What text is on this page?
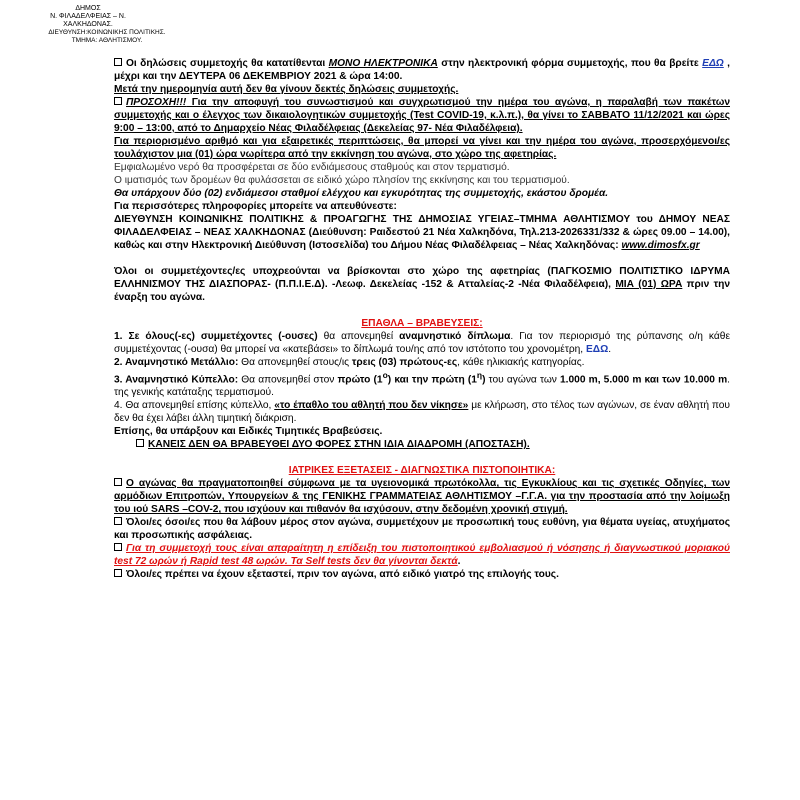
ΔΗΜΟΣ
Ν. ΦΙΛΑΔΕΛΦΕΙΑΣ – Ν. ΧΑΛΚΗΔΟΝΑΣ.
ΔΙΕΥΘΥΝΣΗ:ΚΟΙΝΩΝΙΚΗΣ ΠΟΛΙΤΙΚΗΣ.
ΤΜΗΜΑ: ΑΘΛΗΤΙΣΜΟΥ.

Οι δηλώσεις συμμετοχής θα κατατίθενται ΜΟΝΟ ΗΛΕΚΤΡΟΝΙΚΑ στην ηλεκτρονική φόρμα συμμετοχής, που θα βρείτε ΕΔΩ , μέχρι και την ΔΕΥΤΕΡΑ 06 ΔΕΚΕΜΒΡΙΟΥ 2021 & ώρα 14:00.

Μετά την ημερομηνία αυτή δεν θα γίνουν δεκτές δηλώσεις συμμετοχής.

ΠΡΟΣΟΧΗ!!! Για την αποφυγή του συνωστισμού και συγχρωτισμού την ημέρα του αγώνα, η παραλαβή των πακέτων συμμετοχής και ο έλεγχος των δικαιολογητικών συμμετοχής (Test COVID-19, κ.λ.π.), θα γίνει το ΣΑΒΒΑΤΟ 11/12/2021 και ώρες 9:00 – 13:00, από το Δημαρχείο Νέας Φιλαδέλφειας (Δεκελείας 97- Νέα Φιλαδέλφεια).

Για περιορισμένο αριθμό και για εξαιρετικές περιπτώσεις, θα μπορεί να γίνει και την ημέρα του αγώνα, προσερχόμενοι/ες τουλάχιστον μια (01) ώρα νωρίτερα από την εκκίνηση του αγώνα, στο χώρο της αφετηρίας.

Εμφιαλωμένο νερό θα προσφέρεται σε δύο ενδιάμεσους σταθμούς και στον τερματισμό.

Ο ιματισμός των δρομέων θα φυλάσσεται σε ειδικό χώρο πλησίον της εκκίνησης και του τερματισμού.

Θα υπάρχουν δύο (02) ενδιάμεσοι σταθμοί ελέγχου και εγκυρότητας της συμμετοχής, εκάστου δρομέα.

Για περισσότερες πληροφορίες μπορείτε να απευθύνεστε:

ΔΙΕΥΘΥΝΣΗ ΚΟΙΝΩΝΙΚΗΣ ΠΟΛΙΤΙΚΗΣ & ΠΡΟΑΓΩΓΗΣ ΤΗΣ ΔΗΜΟΣΙΑΣ ΥΓΕΙΑΣ–ΤΜΗΜΑ ΑΘΛΗΤΙΣΜΟΥ του ΔΗΜΟΥ ΝΕΑΣ ΦΙΛΑΔΕΛΦΕΙΑΣ – ΝΕΑΣ ΧΑΛΚΗΔΟΝΑΣ (Διεύθυνση: Ραιδεστού 21 Νέα Χαλκηδόνα, Τηλ.213-2026331/332 & ώρες 09.00 – 14.00), καθώς και στην Ηλεκτρονική Διεύθυνση (Ιστοσελίδα) του Δήμου Νέας Φιλαδέλφειας – Νέας Χαλκηδόνας: www.dimosfx.gr

Όλοι οι συμμετέχοντες/ες υποχρεούνται να βρίσκονται στο χώρο της αφετηρίας (ΠΑΓΚΟΣΜΙΟ ΠΟΛΙΤΙΣΤΙΚΟ ΙΔΡΥΜΑ ΕΛΛΗΝΙΣΜΟΥ ΤΗΣ ΔΙΑΣΠΟΡΑΣ- (Π.Π.Ι.Ε.Δ). -Λεωφ. Δεκελείας -152 & Ατταλείας-2 -Νέα Φιλαδέλφεια), ΜΙΑ (01) ΩΡΑ πριν την έναρξη του αγώνα.

ΕΠΑΘΛΑ – ΒΡΑΒΕΥΣΕΙΣ:

1. Σε όλους(-ες) συμμετέχοντες (-ουσες) θα απονεμηθεί αναμνηστικό δίπλωμα. Για τον περιορισμό της ρύπανσης ο/η κάθε συμμετέχοντας (-ουσα) θα μπορεί να «κατεβάσει» το δίπλωμά του/ης από τον ιστότοπο του χρονομέτρη, ΕΔΩ.

2. Αναμνηστικό Μετάλλιο: Θα απονεμηθεί στους/ις τρεις (03) πρώτους-ες, κάθε ηλικιακής κατηγορίας.

3. Αναμνηστικό Κύπελλο: Θα απονεμηθεί στον πρώτο $(1^o)$ και την πρώτη $(1^\eta)$ του αγώνα των 1.000 m, 5.000 m και των 10.000 m. της γενικής κατάταξης τερματισμού.

4. Θα απονεμηθεί επίσης κύπελλο, «το έπαθλο του αθλητή που δεν νίκησε» με κλήρωση, στο τέλος των αγώνων, σε έναν αθλητή που δεν θα έχει λάβει άλλη τιμητική διάκριση.

Επίσης, θα υπάρξουν και Ειδικές Τιμητικές Βραβεύσεις.

ΚΑΝΕΙΣ ΔΕΝ ΘΑ ΒΡΑΒΕΥΘΕΙ ΔΥΟ ΦΟΡΕΣ ΣΤΗΝ ΙΔΙΑ ΔΙΑΔΡΟΜΗ (ΑΠΟΣΤΑΣΗ).

ΙΑΤΡΙΚΕΣ ΕΞΕΤΑΣΕΙΣ - ΔΙΑΓΝΩΣΤΙΚΑ ΠΙΣΤΟΠΟΙΗΤΙΚΑ:

Ο αγώνας θα πραγματοποιηθεί σύμφωνα με τα υγειονομικά πρωτόκολλα, τις Εγκυκλίους και τις σχετικές Οδηγίες, των αρμόδιων Επιτροπών, Υπουργείων & της ΓΕΝΙΚΗΣ ΓΡΑΜΜΑΤΕΙΑΣ ΑΘΛΗΤΙΣΜΟΥ –Γ.Γ.Α. για την προστασία από την λοίμωξη του ιού SARS –COV-2, που ισχύουν και πιθανόν θα ισχύσουν, στην δεδομένη χρονική στιγμή.

Όλοι/ες όσοι/ες που θα λάβουν μέρος στον αγώνα, συμμετέχουν με προσωπική τους ευθύνη, για θέματα υγείας, ατυχήματος και προσωπικής ασφάλειας.

Για τη συμμετοχή τους είναι απαραίτητη η επίδειξη του πιστοποιητικού εμβολιασμού ή νόσησης ή διαγνωστικού μοριακού test 72 ωρών ή Rapid test 48 ωρών. Τα Self tests δεν θα γίνονται δεκτά.

Όλοι/ες πρέπει να έχουν εξεταστεί, πριν τον αγώνα, από ειδικό γιατρό της επιλογής τους.
